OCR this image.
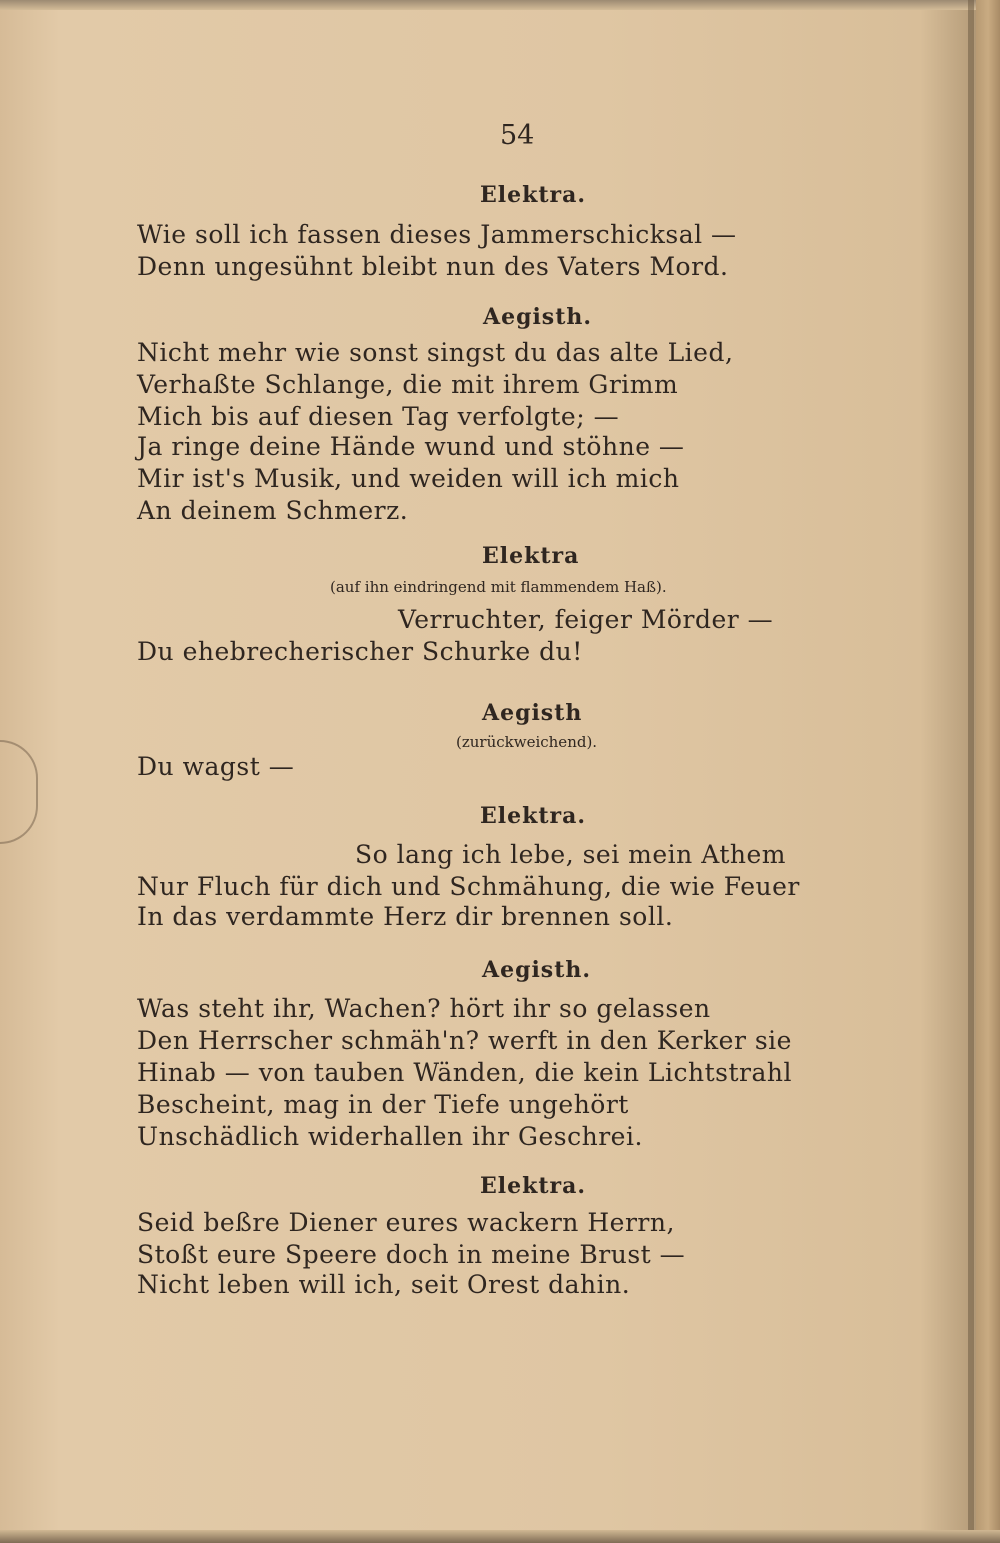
54
Elektra.
Wie soll ich fassen dieses Jammerschicksal —
Denn ungesühnt bleibt nun des Vaters Mord.
Aegisth.
Nicht mehr wie sonst singst du das alte Lied,
Verhaßte Schlange, die mit ihrem Grimm
Mich bis auf diesen Tag verfolgte; —
Ja ringe deine Hände wund und stöhne —
Mir ist's Musik, und weiden will ich mich
An deinem Schmerz.
Elektra
(auf ihn eindringend mit flammendem Haß).
Verruchter, feiger Mörder —
Du ehebrecherischer Schurke du!
Aegisth
(zurückweichend).
Du wagst —
Elektra.
So lang ich lebe, sei mein Athem
Nur Fluch für dich und Schmähung, die wie Feuer
In das verdammte Herz dir brennen soll.
Aegisth.
Was steht ihr, Wachen? hört ihr so gelassen
Den Herrscher schmäh'n? werft in den Kerker sie
Hinab — von tauben Wänden, die kein Lichtstrahl
Bescheint, mag in der Tiefe ungehört
Unschädlich widerhallen ihr Geschrei.
Elektra.
Seid beßre Diener eures wackern Herrn,
Stoßt eure Speere doch in meine Brust —
Nicht leben will ich, seit Orest dahin.
